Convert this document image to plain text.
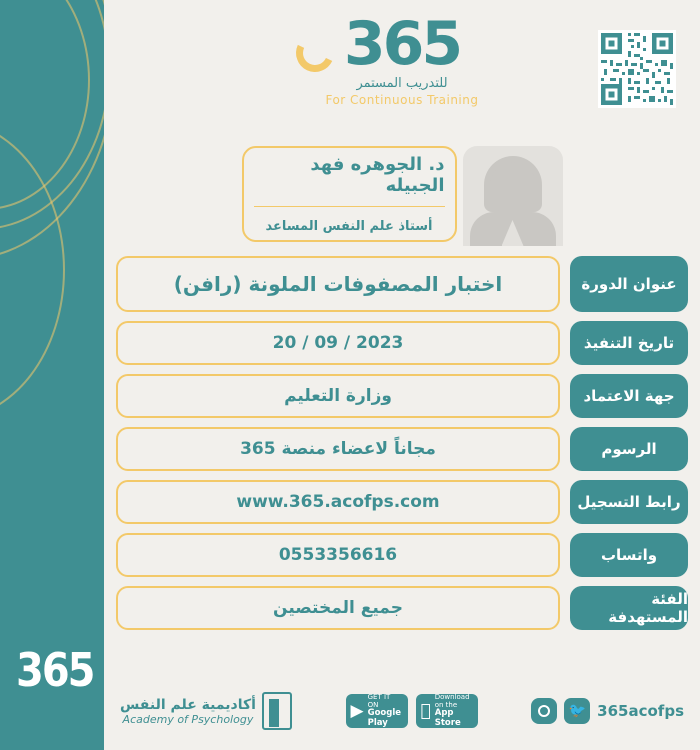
365
365
للتدريب المستمر
For Continuous Training
د. الجوهره فهد الجبيله
أستاذ علم النفس المساعد
عنوان الدورة
اختبار المصفوفات الملونة (رافن)
تاريخ التنفيذ
20 / 09 / 2023
جهة الاعتماد
وزارة التعليم
الرسوم
مجاناً لاعضاء منصة 365
رابط التسجيل
www.365.acofps.com
واتساب
0553356616
الفئة المستهدفة
جميع المختصين
أكاديمية علم النفس
Academy of Psychology
Download on the
App Store
▶
GET IT ON
Google Play
🐦 365acofps
